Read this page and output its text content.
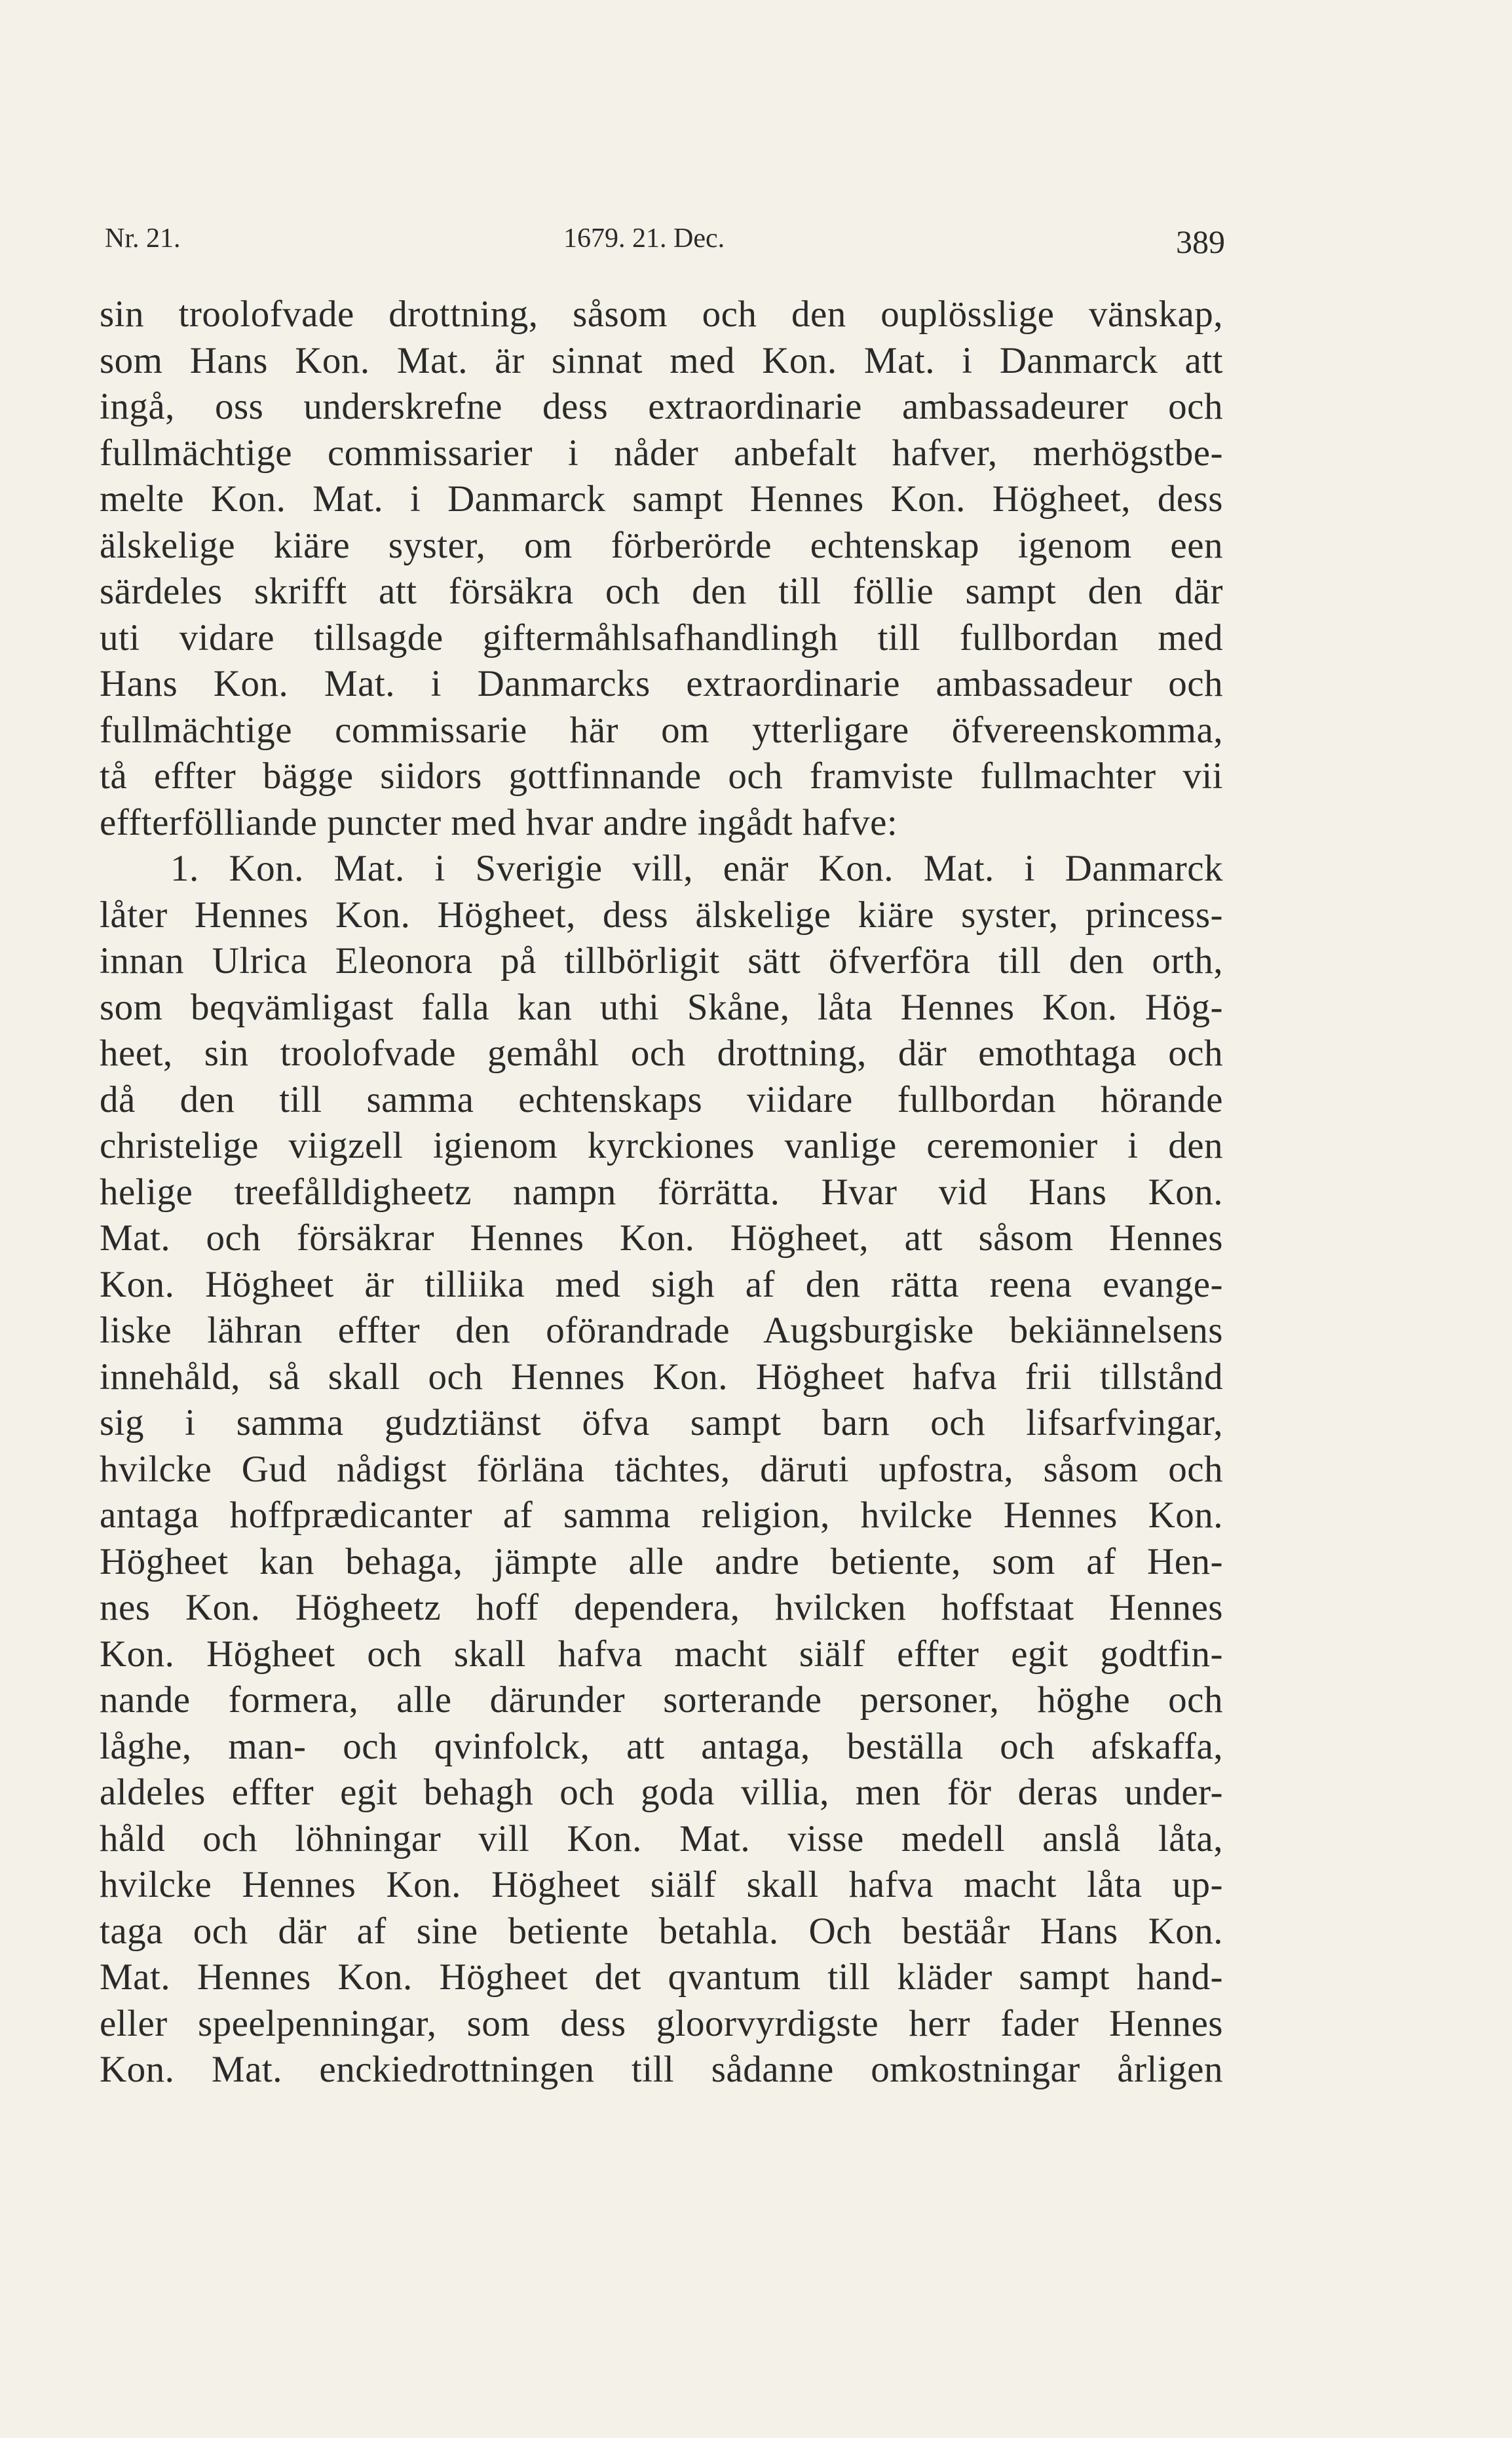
Nr. 21.	1679. 21. Dec.	389
sin troolofvade drottning, såsom och den ouplösslige vänskap,
som Hans Kon. Mat. är sinnat med Kon. Mat. i Danmarck att
ingå, oss underskrefne dess extraordinarie ambassadeurer och
fullmächtige commissarier i nåder anbefalt hafver, merhögstbe-
melte Kon. Mat. i Danmarck sampt Hennes Kon. Högheet, dess
älskelige kiäre syster, om förberörde echtenskap igenom een
särdeles skrifft att försäkra och den till föllie sampt den där
uti vidare tillsagde giftermåhlsafhandlingh till fullbordan med
Hans Kon. Mat. i Danmarcks extraordinarie ambassadeur och
fullmächtige commissarie här om ytterligare öfvereenskomma,
tå effter bägge siidors gottfinnande och framviste fullmachter vii
effterfölliande puncter med hvar andre ingådt hafve:
1. Kon. Mat. i Sverigie vill, enär Kon. Mat. i Danmarck
låter Hennes Kon. Högheet, dess älskelige kiäre syster, princess-
innan Ulrica Eleonora på tillbörligit sätt öfverföra till den orth,
som beqvämligast falla kan uthi Skåne, låta Hennes Kon. Hög-
heet, sin troolofvade gemåhl och drottning, där emothtaga och
då den till samma echtenskaps viidare fullbordan hörande
christelige viigzell igienom kyrckiones vanlige ceremonier i den
helige treefålldigheetz nampn förrätta. Hvar vid Hans Kon.
Mat. och försäkrar Hennes Kon. Högheet, att såsom Hennes
Kon. Högheet är tilliika med sigh af den rätta reena evange-
liske lähran effter den oförandrade Augsburgiske bekiännelsens
innehåld, så skall och Hennes Kon. Högheet hafva frii tillstånd
sig i samma gudztiänst öfva sampt barn och lifsarfvingar,
hvilcke Gud nådigst förläna tächtes, däruti upfostra, såsom och
antaga hoffprædicanter af samma religion, hvilcke Hennes Kon.
Högheet kan behaga, jämpte alle andre betiente, som af Hen-
nes Kon. Högheetz hoff dependera, hvilcken hoffstaat Hennes
Kon. Högheet och skall hafva macht siälf effter egit godtfin-
nande formera, alle därunder sorterande personer, höghe och
låghe, man- och qvinfolck, att antaga, beställa och afskaffa,
aldeles effter egit behagh och goda villia, men för deras under-
håld och löhningar vill Kon. Mat. visse medell anslå låta,
hvilcke Hennes Kon. Högheet siälf skall hafva macht låta up-
taga och där af sine betiente betahla. Och bestäår Hans Kon.
Mat. Hennes Kon. Högheet det qvantum till kläder sampt hand-
eller speelpenningar, som dess gloorvyrdigste herr fader Hennes
Kon. Mat. enckiedrottningen till sådanne omkostningar årligen
